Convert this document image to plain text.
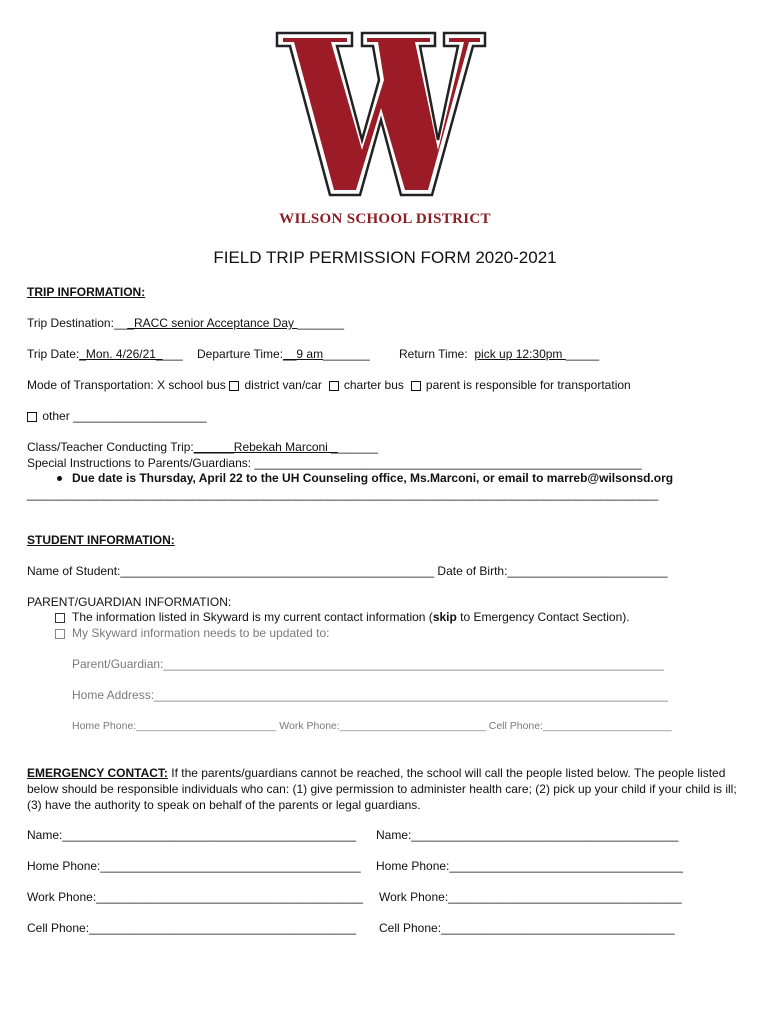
WILSON SCHOOL DISTRICT
FIELD TRIP PERMISSION FORM 2020-2021
TRIP INFORMATION:
Trip Destination:___RACC senior Acceptance Day _______
Trip Date:_Mon. 4/26/21____ Departure Time:__9 am_______ Return Time: pick up 12:30pm _____
Mode of Transportation: X school bus district van/car charter bus parent is responsible for transportation
other ____________________
Class/Teacher Conducting Trip:______Rebekah Marconi _______
Special Instructions to Parents/Guardians: __________________________________________________________
Due date is Thursday, April 22 to the UH Counseling office, Ms.Marconi, or email to marreb@wilsonsd.org
___________________________________________________________________________________________________
STUDENT INFORMATION:
Name of Student:_______________________________________________ Date of Birth:________________________
PARENT/GUARDIAN INFORMATION:
The information listed in Skyward is my current contact information (skip to Emergency Contact Section).
My Skyward information needs to be updated to:
Parent/Guardian:___________________________________________________________________________
Home Address:_____________________________________________________________________________
Home Phone:________________________ Work Phone:_________________________ Cell Phone:______________________
EMERGENCY CONTACT: If the parents/guardians cannot be reached, the school will call the people listed below. The people listed below should be responsible individuals who can: (1) give permission to administer health care; (2) pick up your child if your child is ill; (3) have the authority to speak on behalf of the parents or legal guardians.
Name:____________________________________________ Name:________________________________________
Home Phone:_______________________________________ Home Phone:___________________________________
Work Phone:________________________________________ Work Phone:___________________________________
Cell Phone:________________________________________ Cell Phone:___________________________________
